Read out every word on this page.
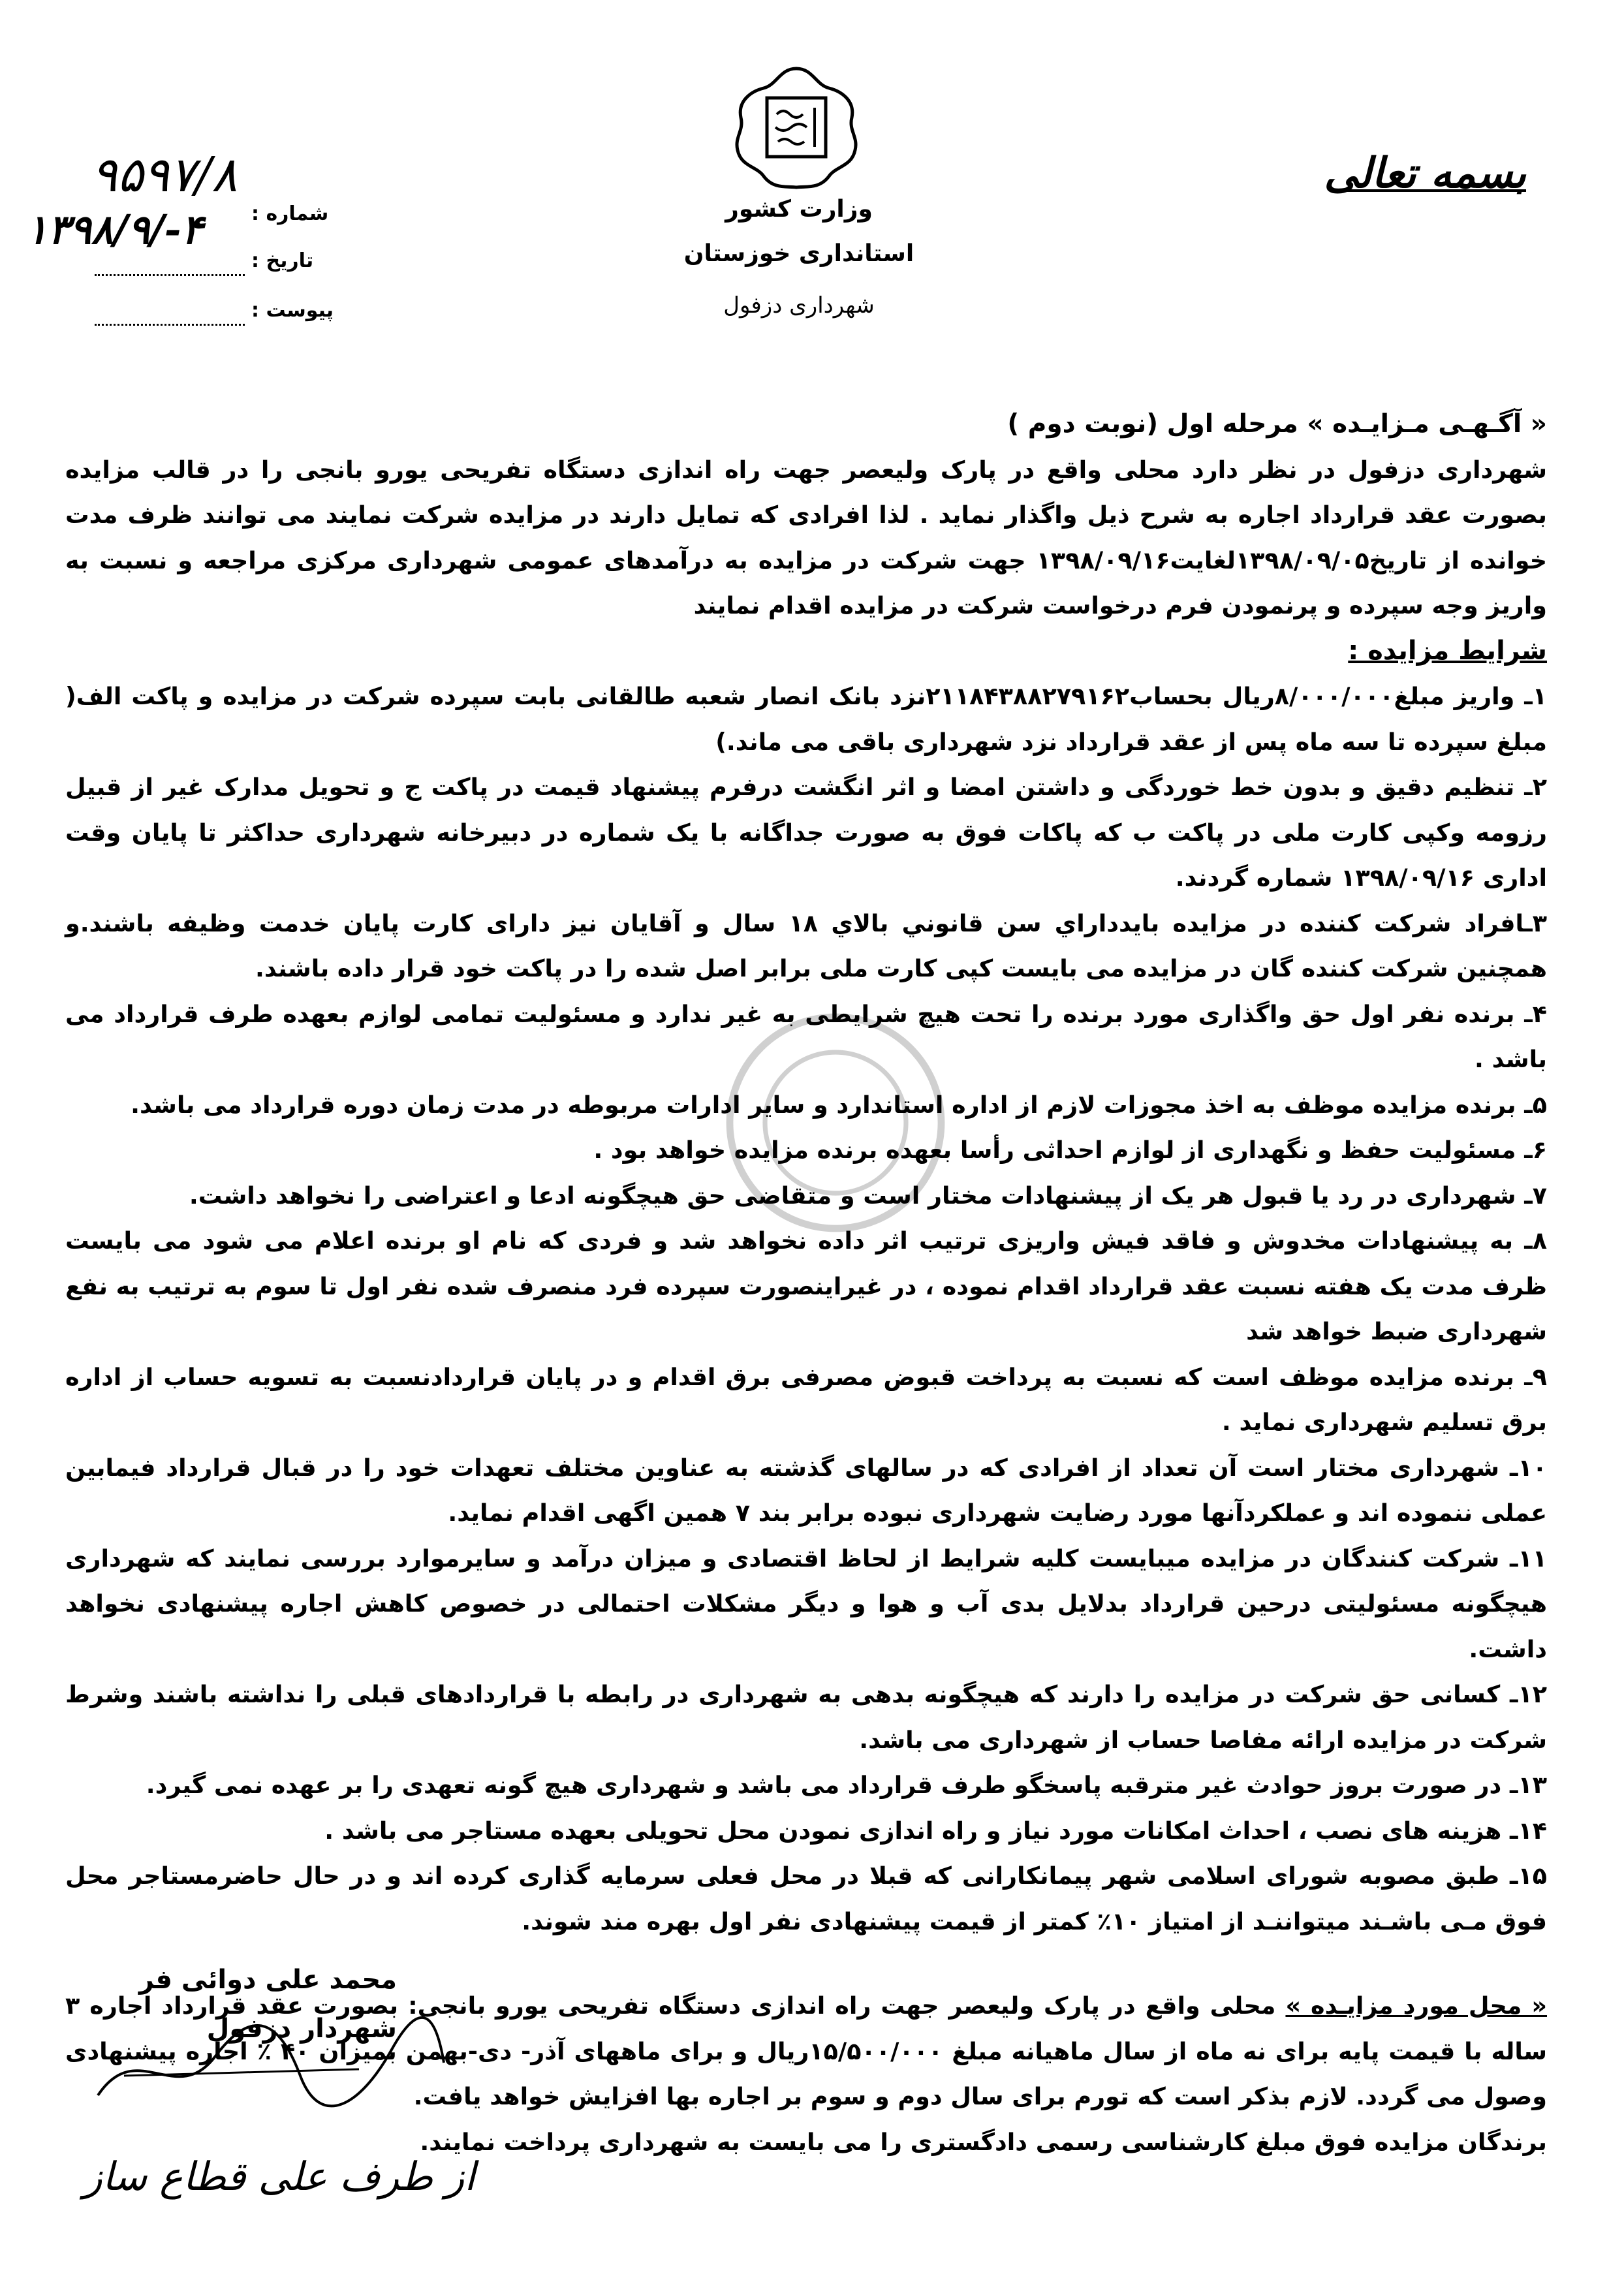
بسمه تعالی
وزارت کشور
استانداری خوزستان
شهرداری دزفول
شماره :
تاریخ :
پیوست :
۹۵۹۷/۸
۱۳۹۸/۹/-۴

« آگـهـی مـزایـده » مرحله اول (نوبت دوم )

شهرداری دزفول در نظر دارد محلی واقع در پارک ولیعصر جهت راه اندازی دستگاه تفریحی یورو بانجی را در قالب مزایده بصورت عقد قرارداد اجاره به شرح ذیل واگذار نماید . لذا افرادی که تمایل دارند در مزایده شرکت نمایند می توانند ظرف مدت خوانده از تاریخ۱۳۹۸/۰۹/۰۵لغایت۱۳۹۸/۰۹/۱۶ جهت شرکت در مزایده به درآمدهای عمومی شهرداری مرکزی مراجعه و نسبت به واریز وجه سپرده و پرنمودن فرم درخواست شرکت در مزایده اقدام نمایند

شرایط مزایده :

۱ـ واریز مبلغ۸/۰۰۰/۰۰۰ریال بحساب۲۱۱۸۴۳۸۸۲۷۹۱۶۲نزد بانک انصار شعبه طالقانی بابت سپرده شرکت در مزایده و پاکت الف( مبلغ سپرده تا سه ماه پس از عقد قرارداد نزد شهرداری باقی می ماند.)

۲ـ تنظیم دقیق و بدون خط خوردگی و داشتن امضا و اثر انگشت درفرم پیشنهاد قیمت در پاکت ج و تحویل مدارک غیر از قبیل رزومه وکپی کارت ملی در پاکت ب که پاکات فوق به صورت جداگانه با یک شماره در دبیرخانه شهرداری حداکثر تا پایان وقت اداری ۱۳۹۸/۰۹/۱۶ شماره گردند.

۳ـافراد شرکت کننده در مزایده بایدداراي سن قانوني بالاي ۱۸ سال و آقایان نيز دارای کارت پایان خدمت وظيفه باشند.و همچنین شرکت کننده گان در مزایده می بایست کپی کارت ملی برابر اصل شده را در پاکت خود قرار داده باشند.

۴ـ برنده نفر اول حق واگذاری مورد برنده را تحت هیچ شرایطی به غیر ندارد و مسئولیت تمامی لوازم بعهده طرف قرارداد می باشد .

۵ـ برنده مزایده موظف به اخذ مجوزات لازم از اداره استاندارد و سایر ادارات مربوطه در مدت زمان دوره قرارداد می باشد.

۶ـ مسئولیت حفظ و نگهداری از لوازم احداثی رأسا بعهده برنده مزایده خواهد بود .

۷ـ شهرداری در رد یا قبول هر یک از پیشنهادات مختار است و متقاضی حق هیچگونه ادعا و اعتراضی را نخواهد داشت.

۸ـ به پیشنهادات مخدوش و فاقد فیش واریزی ترتیب اثر داده نخواهد شد و فردی که نام او برنده اعلام می شود می بایست ظرف مدت یک هفته نسبت عقد قرارداد اقدام نموده ، در غیراینصورت سپرده فرد منصرف شده نفر اول تا سوم به ترتیب به نفع شهرداری ضبط خواهد شد

۹ـ برنده مزایده موظف است که نسبت به پرداخت قبوض مصرفی برق اقدام و در پایان قراردادنسبت به تسویه حساب از اداره برق تسلیم شهرداری نماید .

۱۰ـ شهرداری مختار است آن تعداد از افرادی که در سالهای گذشته به عناوین مختلف تعهدات خود را در قبال قرارداد فیمابین عملی ننموده اند و عملکردآنها مورد رضایت شهرداری نبوده برابر بند ۷ همین اگهی اقدام نماید.

۱۱ـ شرکت کنندگان در مزایده میبایست کلیه شرایط از لحاظ اقتصادی و میزان درآمد و سایرموارد بررسی نمایند که شهرداری هیچگونه مسئولیتی درحین قرارداد بدلایل بدی آب و هوا و دیگر مشکلات احتمالی در خصوص کاهش اجاره پیشنهادی نخواهد داشت.

۱۲ـ کسانی حق شرکت در مزایده را دارند که هیچگونه بدهی به شهرداری در رابطه با قراردادهای قبلی را نداشته باشند وشرط شرکت در مزایده ارائه مفاصا حساب از شهرداری می باشد.

۱۳ـ در صورت بروز حوادث غیر مترقبه پاسخگو طرف قرارداد می باشد و شهرداری هیچ گونه تعهدی را بر عهده نمی گیرد.

۱۴ـ هزینه های نصب ، احداث امکانات مورد نیاز و راه اندازی نمودن محل تحویلی بعهده مستاجر می باشد .

۱۵ـ طبق مصوبه شورای اسلامی شهر پیمانکارانی که قبلا در محل فعلی سرمایه گذاری کرده اند و در حال حاضرمستاجر محل فوق مـی باشـند میتواننـد از امتیاز ۱۰٪ کمتر از قیمت پیشنهادی نفر اول بهره مند شوند.

« محل مورد مزایـده » محلی واقع در پارک ولیعصر جهت راه اندازی دستگاه تفریحی یورو بانجی: بصورت عقد قرارداد اجاره ۳ ساله با قیمت پایه برای نه ماه از سال ماهیانه مبلغ ۱۵/۵۰۰/۰۰۰ریال و برای ماههای آذر- دی-بهمن بمیزان ۴۰ ٪ اجاره پیشنهادی وصول می گردد. لازم بذکر است که تورم برای سال دوم و سوم بر اجاره بها افزایش خواهد یافت.

برندگان مزایده فوق مبلغ کارشناسی رسمی دادگستری را می بایست به شهرداری پرداخت نمایند.

محمد علی دوائی فر
شهردار دزفول
از طرف علی قطاع ساز
